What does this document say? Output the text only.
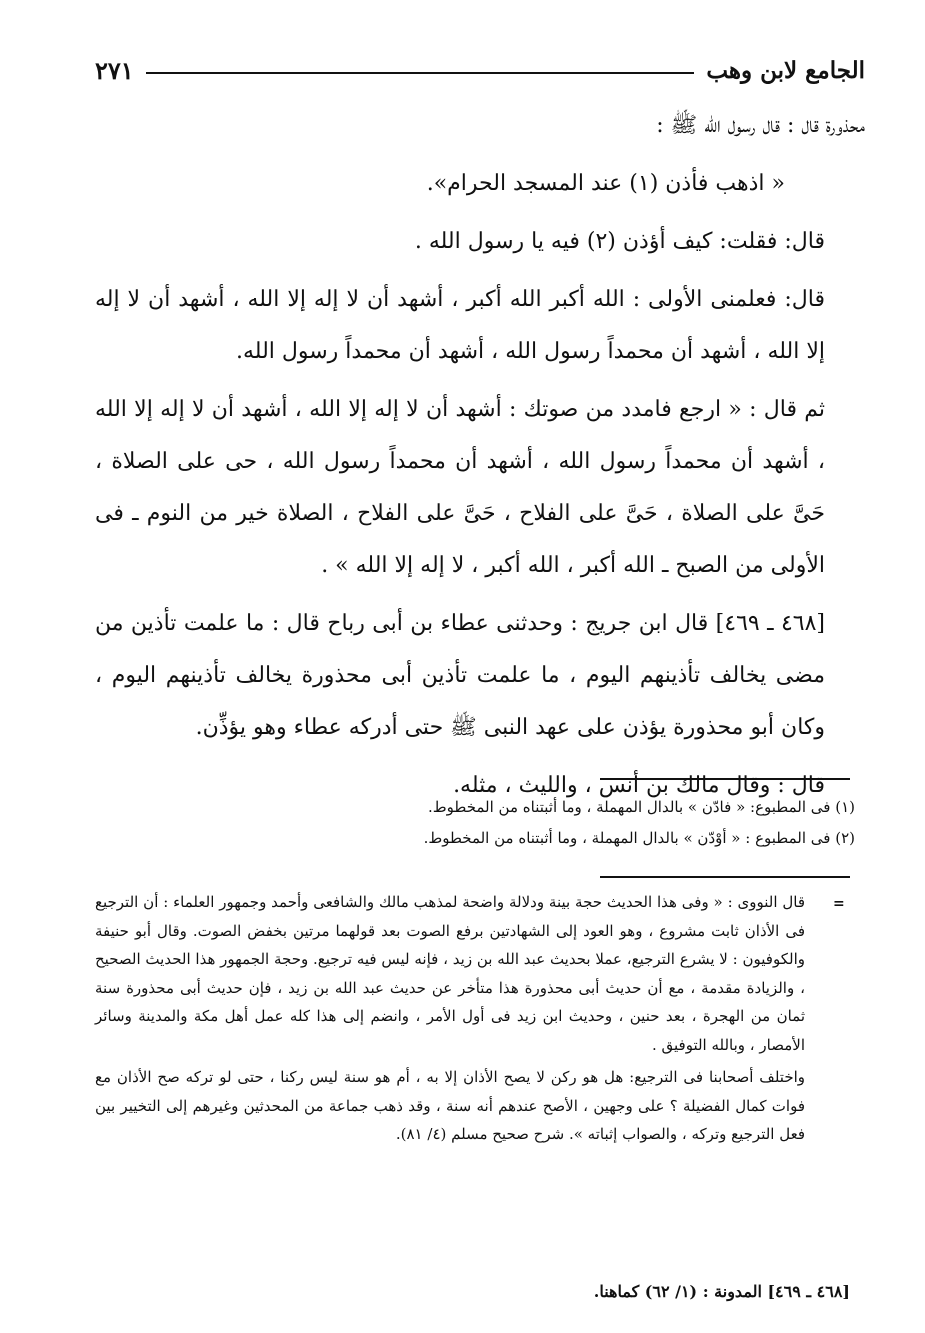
الجامع لابن وهب
٢٧١

محذورة قال : قال رسول الله ﷺ :

« اذهب فأذن (١) عند المسجد الحرام».

قال: فقلت: كيف أؤذن (٢) فيه يا رسول الله .

قال: فعلمنى الأولى : الله أكبر الله أكبر ، أشهد أن لا إله إلا الله ، أشهد أن لا إله إلا الله ، أشهد أن محمداً رسول الله ، أشهد أن محمداً رسول الله.

ثم قال : « ارجع فامدد من صوتك : أشهد أن لا إله إلا الله ، أشهد أن لا إله إلا الله ، أشهد أن محمداً رسول الله ، أشهد أن محمداً رسول الله ، حى على الصلاة ، حَىَّ على الصلاة ، حَىَّ على الفلاح ، حَىَّ على الفلاح ، الصلاة خير من النوم ـ فى الأولى من الصبح ـ الله أكبر ، الله أكبر ، لا إله إلا الله » .

[٤٦٨ ـ ٤٦٩] قال ابن جريج : وحدثنى عطاء بن أبى رباح قال : ما علمت تأذين من مضى يخالف تأذينهم اليوم ، ما علمت تأذين أبى محذورة يخالف تأذينهم اليوم ، وكان أبو محذورة يؤذن على عهد النبى ﷺ حتى أدركه عطاء وهو يؤذِّن.

قال : وقال مالك بن أنس ، والليث ، مثله.

(١) فى المطبوع: « فادّن » بالدال المهملة ، وما أثبتناه من المخطوط.
(٢) فى المطبوع : « أوْدّن » بالدال المهملة ، وما أثبتناه من المخطوط.
=

قال النووى : « وفى هذا الحديث حجة بينة ودلالة واضحة لمذهب مالك والشافعى وأحمد وجمهور العلماء : أن الترجيع فى الأذان ثابت مشروع ، وهو العود إلى الشهادتين برفع الصوت بعد قولهما مرتين بخفض الصوت. وقال أبو حنيفة والكوفيون : لا يشرع الترجيع، عملا بحديث عبد الله بن زيد ، فإنه ليس فيه ترجيع. وحجة الجمهور هذا الحديث الصحيح ، والزيادة مقدمة ، مع أن حديث أبى محذورة هذا متأخر عن حديث عبد الله بن زيد ، فإن حديث أبى محذورة سنة ثمان من الهجرة ، بعد حنين ، وحديث ابن زيد فى أول الأمر ، وانضم إلى هذا كله عمل أهل مكة والمدينة وسائر الأمصار ، وبالله التوفيق .

واختلف أصحابنا فى الترجيع: هل هو ركن لا يصح الأذان إلا به ، أم هو سنة ليس ركنا ، حتى لو تركه صح الأذان مع فوات كمال الفضيلة ؟ على وجهين ، الأصح عندهم أنه سنة ، وقد ذهب جماعة من المحدثين وغيرهم إلى التخيير بين فعل الترجيع وتركه ، والصواب إثباته ». شرح صحيح مسلم (٤/ ٨١).

[٤٦٨ ـ ٤٦٩] المدونة : (١/ ٦٢) كماهنا.
